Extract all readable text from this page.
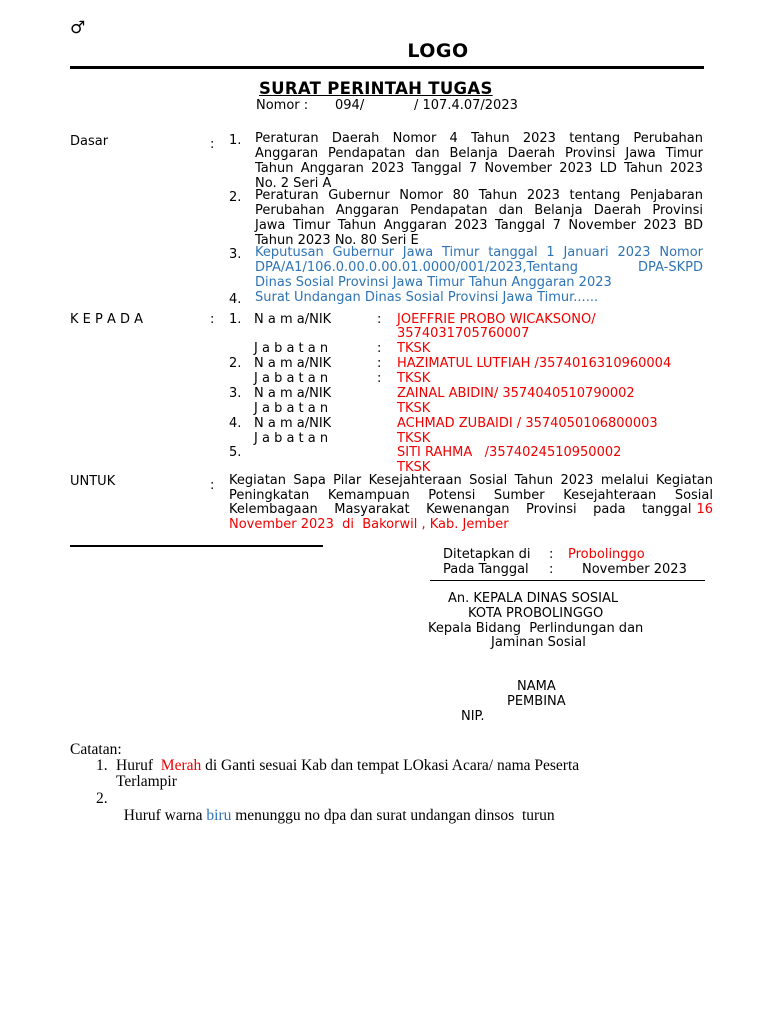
♂
LOGO
SURAT PERINTAH TUGAS
Nomor : 094/	/ 107.4.07/2023
Dasar	: 1. Peraturan Daerah Nomor 4 Tahun 2023 tentang Perubahan
Anggaran Pendapatan dan Belanja Daerah Provinsi Jawa Timur
Tahun Anggaran 2023 Tanggal 7 November 2023 LD Tahun 2023
No. 2 Seri A
2. Peraturan Gubernur Nomor 80 Tahun 2023 tentang Penjabaran
Perubahan Anggaran Pendapatan dan Belanja Daerah Provinsi
Jawa Timur Tahun Anggaran 2023 Tanggal 7 November 2023 BD
Tahun 2023 No. 80 Seri E
3. Keputusan Gubernur Jawa Timur tanggal 1 Januari 2023 Nomor
DPA/A1/106.0.00.0.00.01.0000/001/2023,Tentang DPA-SKPD
Dinas Sosial Provinsi Jawa Timur Tahun Anggaran 2023
4. Surat Undangan Dinas Sosial Provinsi Jawa Timur......
K E P A D A	: 1. N a m a/NIK	: JOEFFRIE PROBO WICAKSONO/
3574031705760007
J a b a t a n	: TKSK
2. N a m a/NIK	: HAZIMATUL LUTFIAH /3574016310960004
J a b a t a n	: TKSK
3. N a m a/NIK	ZAINAL ABIDIN/ 3574040510790002
J a b a t a n	TKSK
4. N a m a/NIK	ACHMAD ZUBAIDI / 3574050106800003
J a b a t a n	TKSK
5.	SITI RAHMA   /3574024510950002
TKSK
UNTUK	: Kegiatan Sapa Pilar Kesejahteraan Sosial Tahun 2023 melalui Kegiatan
Peningkatan Kemampuan Potensi Sumber Kesejahteraan Sosial
Kelembagaan Masyarakat Kewenangan Provinsi pada tanggal 16
November 2023  di  Bakorwil , Kab. Jember
Ditetapkan di : Probolinggo
Pada Tanggal : November 2023
An. KEPALA DINAS SOSIAL
KOTA PROBOLINGGO
Kepala Bidang  Perlindungan dan
Jaminan Sosial
NAMA
PEMBINA
NIP.
Catatan:
1. Huruf Merah di Ganti sesuai Kab dan tempat LOkasi Acara/ nama Peserta
Terlampir
2.

Huruf warna biru menunggu no dpa dan surat undangan dinsos  turun
